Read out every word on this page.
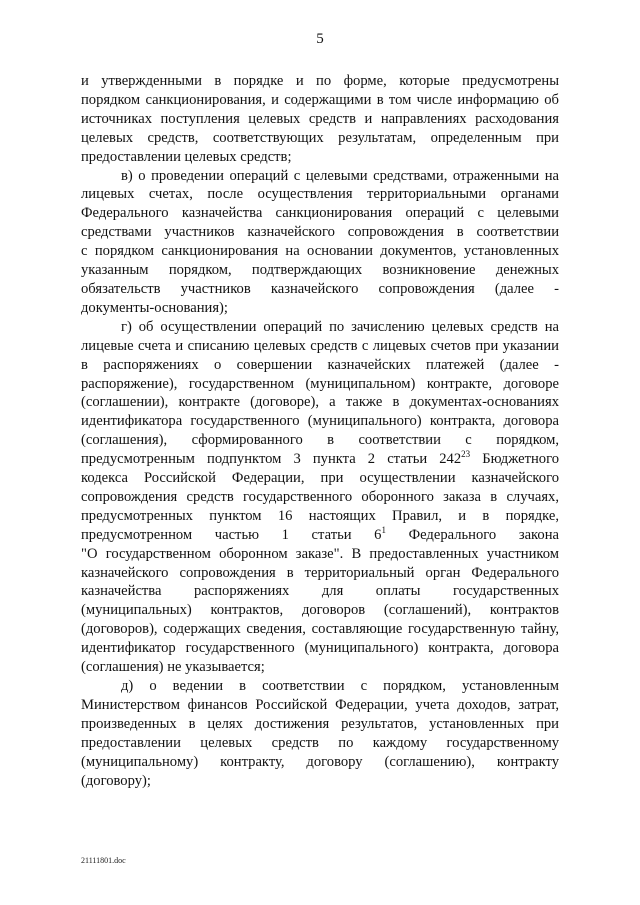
5

и утвержденными в порядке и по форме, которые предусмотрены
порядком санкционирования, и содержащими в том числе информацию об
источниках поступления целевых средств и направлениях расходования
целевых средств, соответствующих результатам, определенным при
предоставлении целевых средств;

в) о проведении операций с целевыми средствами, отраженными на
лицевых счетах, после осуществления территориальными органами
Федерального казначейства санкционирования операций с целевыми
средствами участников казначейского сопровождения в соответствии
с порядком санкционирования на основании документов, установленных
указанным порядком, подтверждающих возникновение денежных
обязательств участников казначейского сопровождения (далее -
документы-основания);

г) об осуществлении операций по зачислению целевых средств на
лицевые счета и списанию целевых средств с лицевых счетов при указании
в распоряжениях о совершении казначейских платежей (далее -
распоряжение), государственном (муниципальном) контракте, договоре
(соглашении), контракте (договоре), а также в документах-основаниях
идентификатора государственного (муниципального) контракта, договора
(соглашения), сформированного в соответствии с порядком,
предусмотренным подпунктом 3 пункта 2 статьи $242^{23}$ Бюджетного
кодекса Российской Федерации, при осуществлении казначейского
сопровождения средств государственного оборонного заказа в случаях,
предусмотренных пунктом 16 настоящих Правил, и в порядке,
предусмотренном частью 1 статьи $6^1$ Федерального закона
"О государственном оборонном заказе". В предоставленных участником
казначейского сопровождения в территориальный орган Федерального
казначейства распоряжениях для оплаты государственных
(муниципальных) контрактов, договоров (соглашений), контрактов
(договоров), содержащих сведения, составляющие государственную тайну,
идентификатор государственного (муниципального) контракта, договора
(соглашения) не указывается;

д) о ведении в соответствии с порядком, установленным
Министерством финансов Российской Федерации, учета доходов, затрат,
произведенных в целях достижения результатов, установленных при
предоставлении целевых средств по каждому государственному
(муниципальному) контракту, договору (соглашению), контракту
(договору);

21111801.doc
